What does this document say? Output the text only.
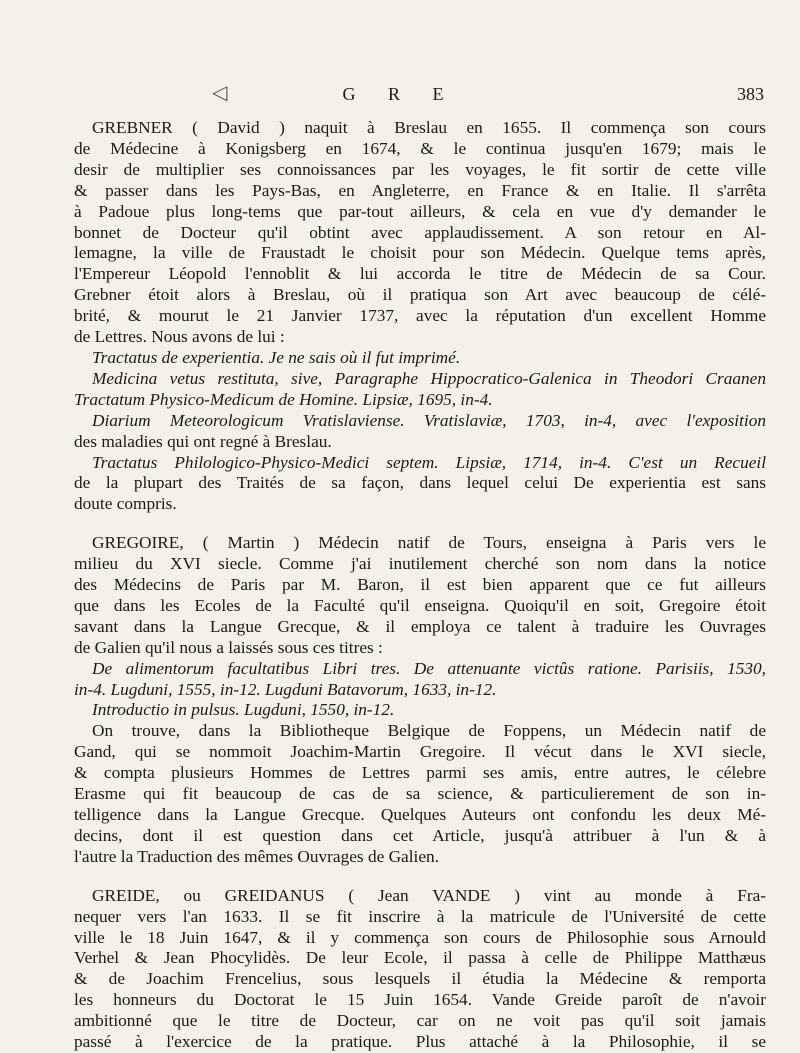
◁	G R E	383
GREBNER ( David ) naquit à Breslau en 1655. Il commença son cours
de Médecine à Konigsberg en 1674, & le continua jusqu'en 1679; mais le
desir de multiplier ses connoissances par les voyages, le fit sortir de cette ville
& passer dans les Pays-Bas, en Angleterre, en France & en Italie. Il s'arrêta
à Padoue plus long-tems que par-tout ailleurs, & cela en vue d'y demander le
bonnet de Docteur qu'il obtint avec applaudissement. A son retour en Al-
lemagne, la ville de Fraustadt le choisit pour son Médecin. Quelque tems après,
l'Empereur Léopold l'ennoblit & lui accorda le titre de Médecin de sa Cour.
Grebner étoit alors à Breslau, où il pratiqua son Art avec beaucoup de célé-
brité, & mourut le 21 Janvier 1737, avec la réputation d'un excellent Homme
de Lettres. Nous avons de lui :
Tractatus de experientia. Je ne sais où il fut imprimé.
Medicina vetus restituta, sive, Paragraphe Hippocratico-Galenica in Theodori Craanen
Tractatum Physico-Medicum de Homine. Lipsiæ, 1695, in-4.
Diarium Meteorologicum Vratislaviense. Vratislaviæ, 1703, in-4, avec l'exposition
des maladies qui ont regné à Breslau.
Tractatus Philologico-Physico-Medici septem. Lipsiæ, 1714, in-4. C'est un Recueil
de la plupart des Traités de sa façon, dans lequel celui De experientia est sans
doute compris.
GREGOIRE, ( Martin ) Médecin natif de Tours, enseigna à Paris vers le
milieu du XVI siecle. Comme j'ai inutilement cherché son nom dans la notice
des Médecins de Paris par M. Baron, il est bien apparent que ce fut ailleurs
que dans les Ecoles de la Faculté qu'il enseigna. Quoiqu'il en soit, Gregoire étoit
savant dans la Langue Grecque, & il employa ce talent à traduire les Ouvrages
de Galien qu'il nous a laissés sous ces titres :
De alimentorum facultatibus Libri tres. De attenuante victûs ratione. Parisiis, 1530,
in-4. Lugduni, 1555, in-12. Lugduni Batavorum, 1633, in-12.
Introductio in pulsus. Lugduni, 1550, in-12.
On trouve, dans la Bibliotheque Belgique de Foppens, un Médecin natif de
Gand, qui se nommoit Joachim-Martin Gregoire. Il vécut dans le XVI siecle,
& compta plusieurs Hommes de Lettres parmi ses amis, entre autres, le célebre
Erasme qui fit beaucoup de cas de sa science, & particulierement de son in-
telligence dans la Langue Grecque. Quelques Auteurs ont confondu les deux Mé-
decins, dont il est question dans cet Article, jusqu'à attribuer à l'un & à
l'autre la Traduction des mêmes Ouvrages de Galien.
GREIDE, ou GREIDANUS ( Jean VANDE ) vint au monde à Fra-
nequer vers l'an 1633. Il se fit inscrire à la matricule de l'Université de cette
ville le 18 Juin 1647, & il y commença son cours de Philosophie sous Arnould
Verhel & Jean Phocylidès. De leur Ecole, il passa à celle de Philippe Matthæus
& de Joachim Frencelius, sous lesquels il étudia la Médecine & remporta
les honneurs du Doctorat le 15 Juin 1654. Vande Greide paroît de n'avoir
ambitionné que le titre de Docteur, car on ne voit pas qu'il soit jamais
passé à l'exercice de la pratique. Plus attaché à la Philosophie, il se
